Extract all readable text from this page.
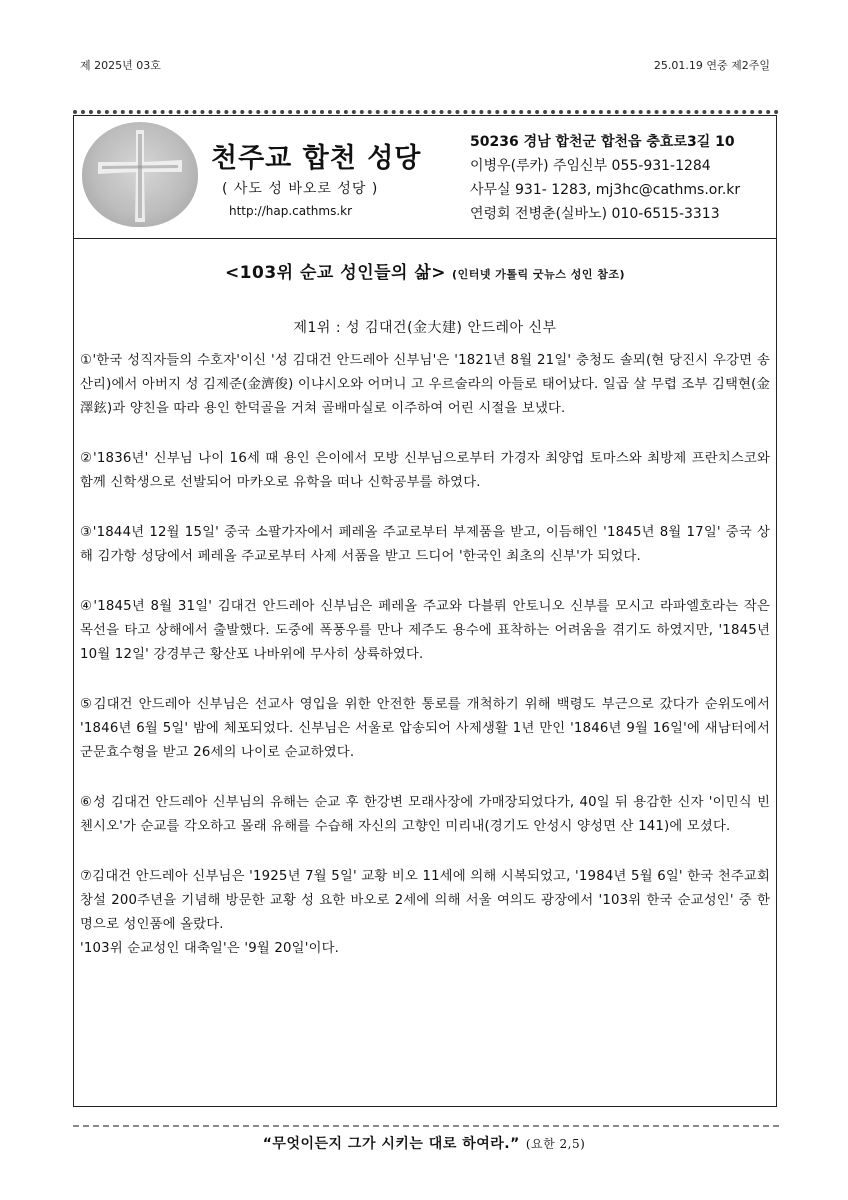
제 2025년 03호	25.01.19 연중 제2주일
천주교 합천 성당
( 사도 성 바오로 성당 )
http://hap.cathms.kr
50236 경남 합천군 합천읍 충효로3길 10
이병우(루카) 주임신부 055-931-1284
사무실 931- 1283, mj3hc@cathms.or.kr
연령회 전병춘(실바노) 010-6515-3313
<103위 순교 성인들의 삶> (인터넷 가톨릭 굿뉴스 성인 참조)
제1위 : 성 김대건(金大建) 안드레아 신부

①'한국 성직자들의 수호자'이신 '성 김대건 안드레아 신부님'은 '1821년 8월 21일' 충청도 솔뫼(현 당진시 우강면 송산리)에서 아버지 성 김제준(金濟俊) 이냐시오와 어머니 고 우르술라의 아들로 태어났다. 일곱 살 무렵 조부 김택현(金澤鉉)과 양친을 따라 용인 한덕골을 거쳐 골배마실로 이주하여 어린 시절을 보냈다.

②'1836년' 신부님 나이 16세 때 용인 은이에서 모방 신부님으로부터 가경자 최양업 토마스와 최방제 프란치스코와 함께 신학생으로 선발되어 마카오로 유학을 떠나 신학공부를 하였다.

③'1844년 12월 15일' 중국 소팔가자에서 페레올 주교로부터 부제품을 받고, 이듬해인 '1845년 8월 17일' 중국 상해 김가항 성당에서 페레올 주교로부터 사제 서품을 받고 드디어 '한국인 최초의 신부'가 되었다.

④'1845년 8월 31일' 김대건 안드레아 신부님은 페레올 주교와 다블뤼 안토니오 신부를 모시고 라파엘호라는 작은 목선을 타고 상해에서 출발했다. 도중에 폭풍우를 만나 제주도 용수에 표착하는 어려움을 겪기도 하였지만, '1845년 10월 12일' 강경부근 황산포 나바위에 무사히 상륙하였다.

⑤김대건 안드레아 신부님은 선교사 영입을 위한 안전한 통로를 개척하기 위해 백령도 부근으로 갔다가 순위도에서 '1846년 6월 5일' 밤에 체포되었다. 신부님은 서울로 압송되어 사제생활 1년 만인 '1846년 9월 16일'에 새남터에서 군문효수형을 받고 26세의 나이로 순교하였다.

⑥성 김대건 안드레아 신부님의 유해는 순교 후 한강변 모래사장에 가매장되었다가, 40일 뒤 용감한 신자 '이민식 빈첸시오'가 순교를 각오하고 몰래 유해를 수습해 자신의 고향인 미리내(경기도 안성시 양성면 산 141)에 모셨다.

⑦김대건 안드레아 신부님은 '1925년 7월 5일' 교황 비오 11세에 의해 시복되었고, '1984년 5월 6일' 한국 천주교회 창설 200주년을 기념해 방문한 교황 성 요한 바오로 2세에 의해 서울 여의도 광장에서 '103위 한국 순교성인' 중 한 명으로 성인품에 올랐다.

'103위 순교성인 대축일'은 '9월 20일'이다.

“무엇이든지 그가 시키는 대로 하여라.” (요한 2,5)
